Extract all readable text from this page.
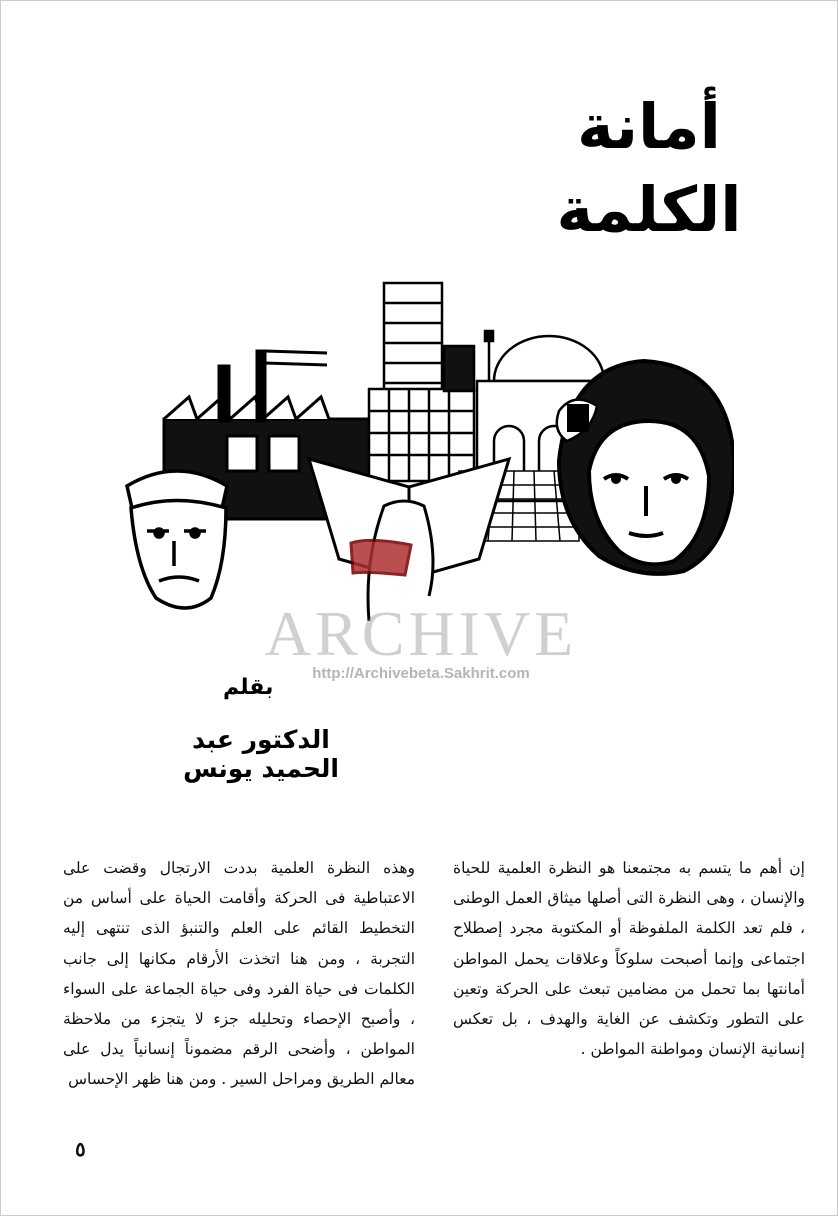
أمانة
الكلمة
ARCHIVE
http://Archivebeta.Sakhrit.com
بقلم
الدكتور عبد الحميد يونس

إن أهم ما يتسم به مجتمعنا هو النظرة العلمية للحياة والإنسان ، وهى النظرة التى أصلها ميثاق العمل الوطنى ، فلم تعد الكلمة الملفوظة أو المكتوبة مجرد إصطلاح اجتماعى وإنما أصبحت سلوكاً وعلاقات يحمل المواطن أمانتها بما تحمل من مضامين تبعث على الحركة وتعين على التطور وتكشف عن الغاية والهدف ، بل تعكس إنسانية الإنسان ومواطنة المواطن .

وهذه النظرة العلمية بددت الارتجال وقضت على الاعتباطية فى الحركة وأقامت الحياة على أساس من التخطيط القائم على العلم والتنبؤ الذى تنتهى إليه التجربة ، ومن هنا اتخذت الأرقام مكانها إلى جانب الكلمات فى حياة الفرد وفى حياة الجماعة على السواء ، وأصبح الإحصاء وتحليله جزء لا يتجزء من ملاحظة المواطن ، وأضحى الرقم مضموناً إنسانياً يدل على معالم الطريق ومراحل السير . ومن هنا ظهر الإحساس

٥
